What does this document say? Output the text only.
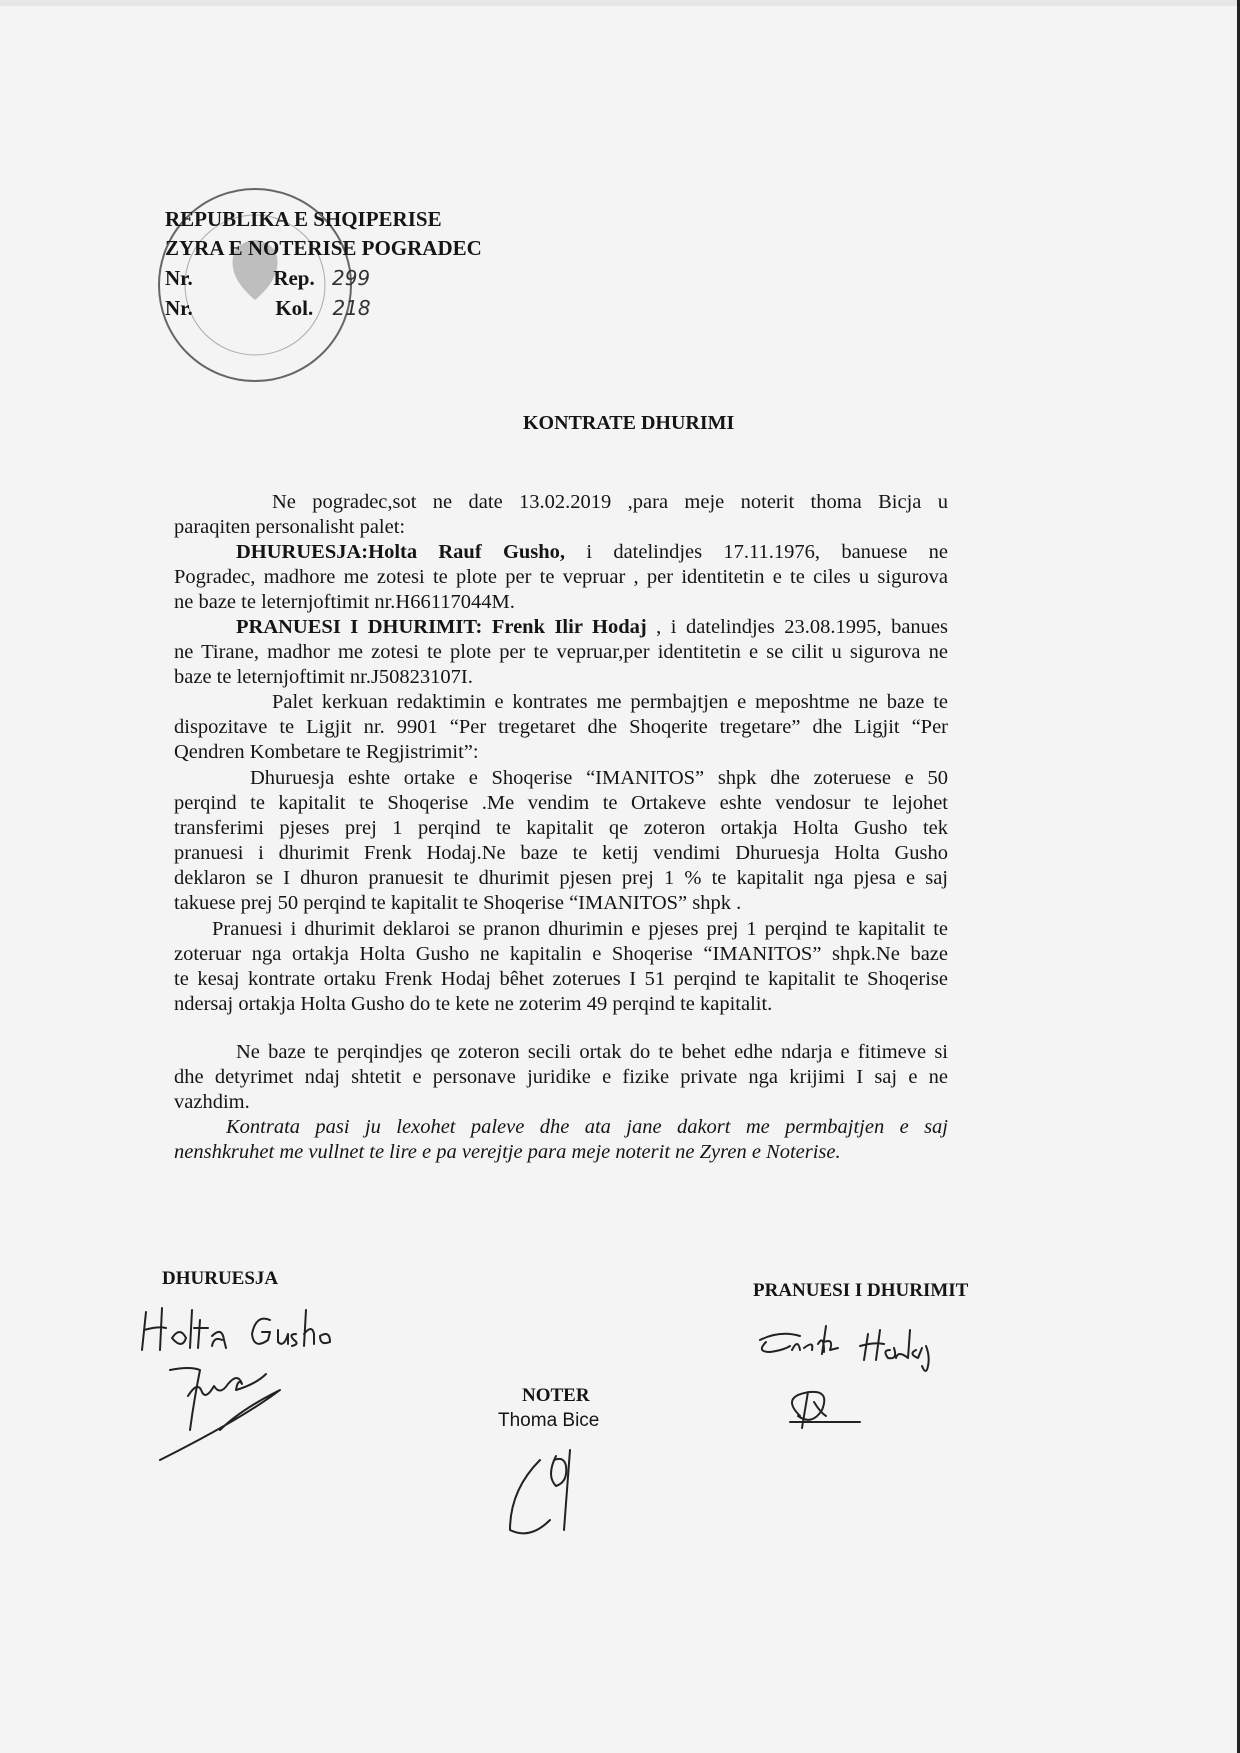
REPUBLIKA E SHQIPERISE
ZYRA E NOTERISE POGRADEC
Nr.	Rep. 299
Nr.	Kol. 218
KONTRATE DHURIMI
Ne pogradec,sot ne date 13.02.2019 ,para meje noterit thoma Bicja u
paraqiten personalisht palet:
DHURUESJA:Holta Rauf Gusho, i datelindjes 17.11.1976, banuese ne
Pogradec, madhore me zotesi te plote per te vepruar , per identitetin e te ciles u sigurova
ne baze te leternjoftimit nr.H66117044M.
PRANUESI I DHURIMIT: Frenk Ilir Hodaj , i datelindjes 23.08.1995, banues
ne Tirane, madhor me zotesi te plote per te vepruar,per identitetin e se cilit u sigurova ne
baze te leternjoftimit nr.J50823107I.
Palet kerkuan redaktimin e kontrates me permbajtjen e meposhtme ne baze te
dispozitave te Ligjit nr. 9901 “Per tregetaret dhe Shoqerite tregetare” dhe Ligjit “Per
Qendren Kombetare te Regjistrimit”:
Dhuruesja eshte ortake e Shoqerise “IMANITOS” shpk dhe zoteruese e 50
perqind te kapitalit te Shoqerise .Me vendim te Ortakeve eshte vendosur te lejohet
transferimi pjeses prej 1 perqind te kapitalit qe zoteron ortakja Holta Gusho tek
pranuesi i dhurimit Frenk Hodaj.Ne baze te ketij vendimi Dhuruesja Holta Gusho
deklaron se I dhuron pranuesit te dhurimit pjesen prej 1 % te kapitalit nga pjesa e saj
takuese prej 50 perqind te kapitalit te Shoqerise “IMANITOS” shpk .
Pranuesi i dhurimit deklaroi se pranon dhurimin e pjeses prej 1 perqind te kapitalit te
zoteruar nga ortakja Holta Gusho ne kapitalin e Shoqerise “IMANITOS” shpk.Ne baze
te kesaj kontrate ortaku Frenk Hodaj bêhet zoterues I 51 perqind te kapitalit te Shoqerise
ndersaj ortakja Holta Gusho do te kete ne zoterim 49 perqind te kapitalit.
Ne baze te perqindjes qe zoteron secili ortak do te behet edhe ndarja e fitimeve si
dhe detyrimet ndaj shtetit e personave juridike e fizike private nga krijimi I saj e ne
vazhdim.
Kontrata pasi ju lexohet paleve dhe ata jane dakort me permbajtjen e saj
nenshkruhet me vullnet te lire e pa verejtje para meje noterit ne Zyren e Noterise.
DHURUESJA
PRANUESI I DHURIMIT
NOTER
Thoma Bice
